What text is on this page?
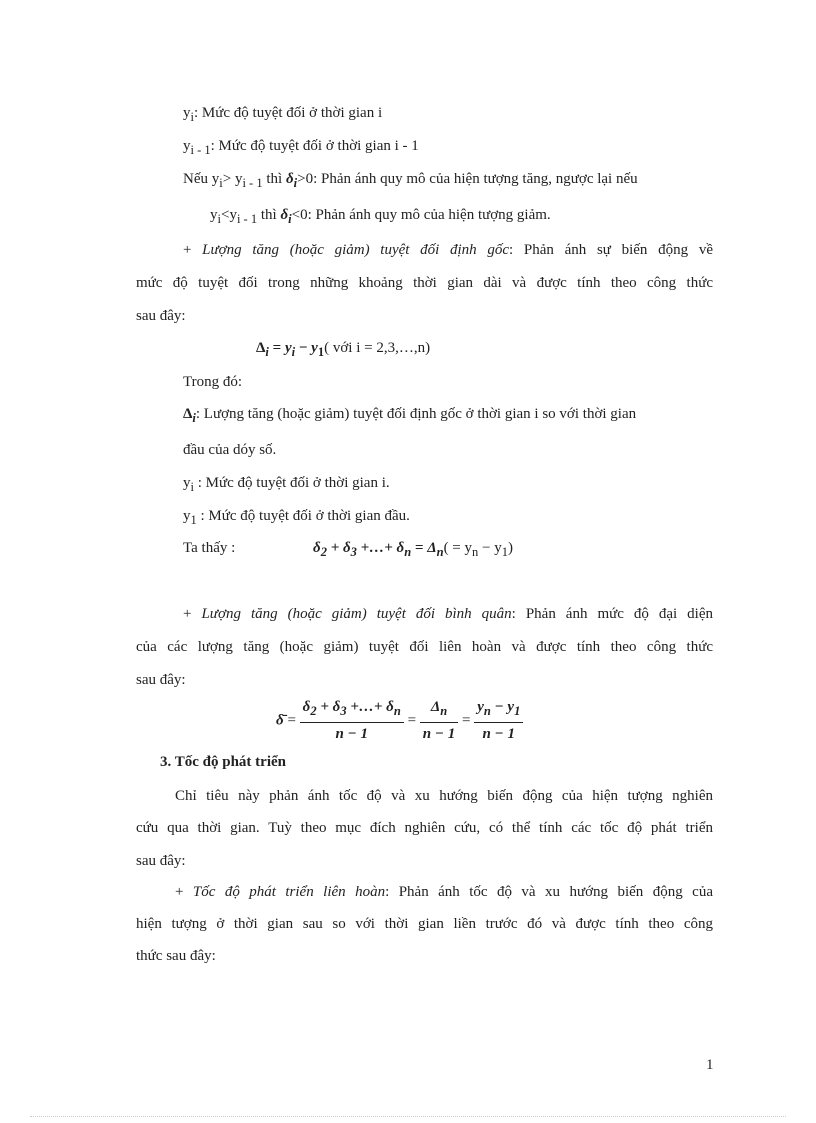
$y_i$: Mức độ tuyệt đối ở thời gian i
$y_{i - 1}$: Mức độ tuyệt đối ở thời gian i - 1
Nếu $y_i> y_{i - 1}$ thì $\delta_i>0$: Phản ánh quy mô của hiện tượng tăng, ngược lại nếu
$y_i<y_{i - 1}$ thì $\delta_i<0$: Phản ánh quy mô của hiện tượng giảm.
+ Lượng tăng (hoặc giảm) tuyệt đối định gốc: Phản ánh sự biến động về
mức độ tuyệt đối trong những khoảng thời gian dài và được tính theo công thức
sau đây:
$\Delta_i = y_i - y_1$( với i = 2,3,…,n)
Trong đó:
$\Delta_i$: Lượng tăng (hoặc giảm) tuyệt đối định gốc ở thời gian i so với thời gian
đầu của dóy số.
$y_i$ : Mức độ tuyệt đối ở thời gian i.
$y_1$ : Mức độ tuyệt đối ở thời gian đầu.
Ta thấy :	$\delta_2 + \delta_3$ +…+ $\delta_n = \Delta_n( = y_n - y_1)$
+ Lượng tăng (hoặc giảm) tuyệt đối bình quân: Phản ánh mức độ đại diện
của các lượng tăng (hoặc giảm) tuyệt đối liên hoàn và được tính theo công thức
sau đây:
δ̄ = $\frac{\delta_2 + \delta_3 +\dots+ \delta_n}{n - 1} = \frac{\Delta_n}{n - 1} = \frac{y_n - y_1}{n - 1}$
3. Tốc độ phát triển
Chỉ tiêu này phản ánh tốc độ và xu hướng biến động của hiện tượng nghiên
cứu qua thời gian. Tuỳ theo mục đích nghiên cứu, có thể tính các tốc độ phát triển
sau đây:
+ Tốc độ phát triển liên hoàn: Phản ánh tốc độ và xu hướng biến động của
hiện tượng ở thời gian sau so với thời gian liền trước đó và được tính theo công
thức sau đây:
1
